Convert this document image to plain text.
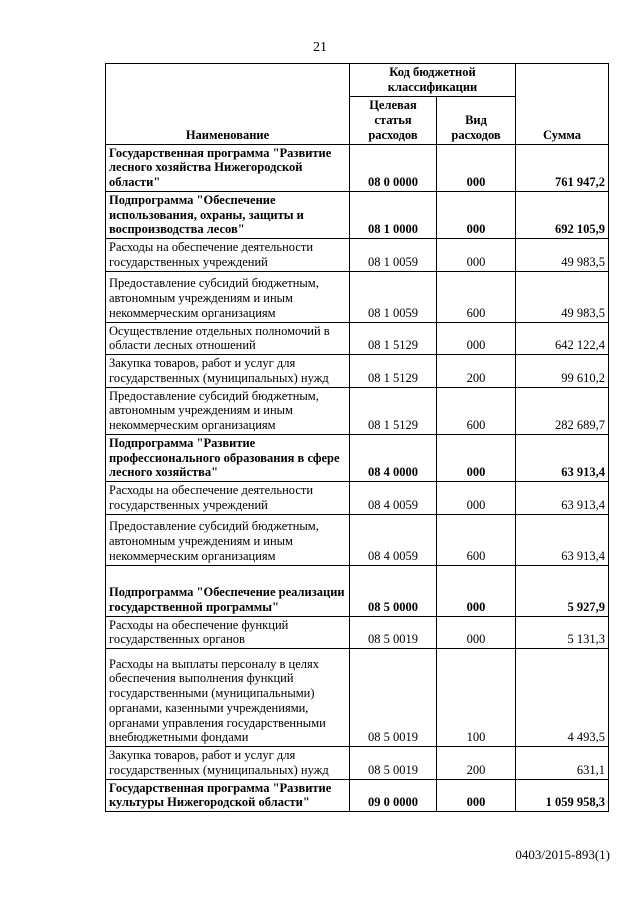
21
Наименование	Код бюджетной классификации		Сумма
	Целевая статья расходов	Вид расходов	
Государственная программа "Развитие лесного хозяйства Нижегородской области"	08 0 0000	000	761 947,2
Подпрограмма "Обеспечение использования, охраны, защиты и воспроизводства лесов"	08 1 0000	000	692 105,9
Расходы на обеспечение деятельности государственных учреждений	08 1 0059	000	49 983,5
Предоставление субсидий бюджетным, автономным учреждениям и иным некоммерческим организациям	08 1 0059	600	49 983,5
Осуществление отдельных полномочий в области лесных отношений	08 1 5129	000	642 122,4
Закупка товаров, работ и услуг для государственных (муниципальных) нужд	08 1 5129	200	99 610,2
Предоставление субсидий бюджетным, автономным учреждениям и иным некоммерческим организациям	08 1 5129	600	282 689,7
Подпрограмма "Развитие профессионального образования в сфере лесного хозяйства"	08 4 0000	000	63 913,4
Расходы на обеспечение деятельности государственных учреждений	08 4 0059	000	63 913,4
Предоставление субсидий бюджетным, автономным учреждениям и иным некоммерческим организациям	08 4 0059	600	63 913,4
Подпрограмма "Обеспечение реализации государственной программы"	08 5 0000	000	5 927,9
Расходы на обеспечение функций государственных органов	08 5 0019	000	5 131,3
Расходы на выплаты персоналу в целях обеспечения выполнения функций государственными (муниципальными) органами, казенными учреждениями, органами управления государственными внебюджетными фондами	08 5 0019	100	4 493,5
Закупка товаров, работ и услуг для государственных (муниципальных) нужд	08 5 0019	200	631,1
Государственная программа "Развитие культуры Нижегородской области"	09 0 0000	000	1 059 958,3
0403/2015-893(1)
